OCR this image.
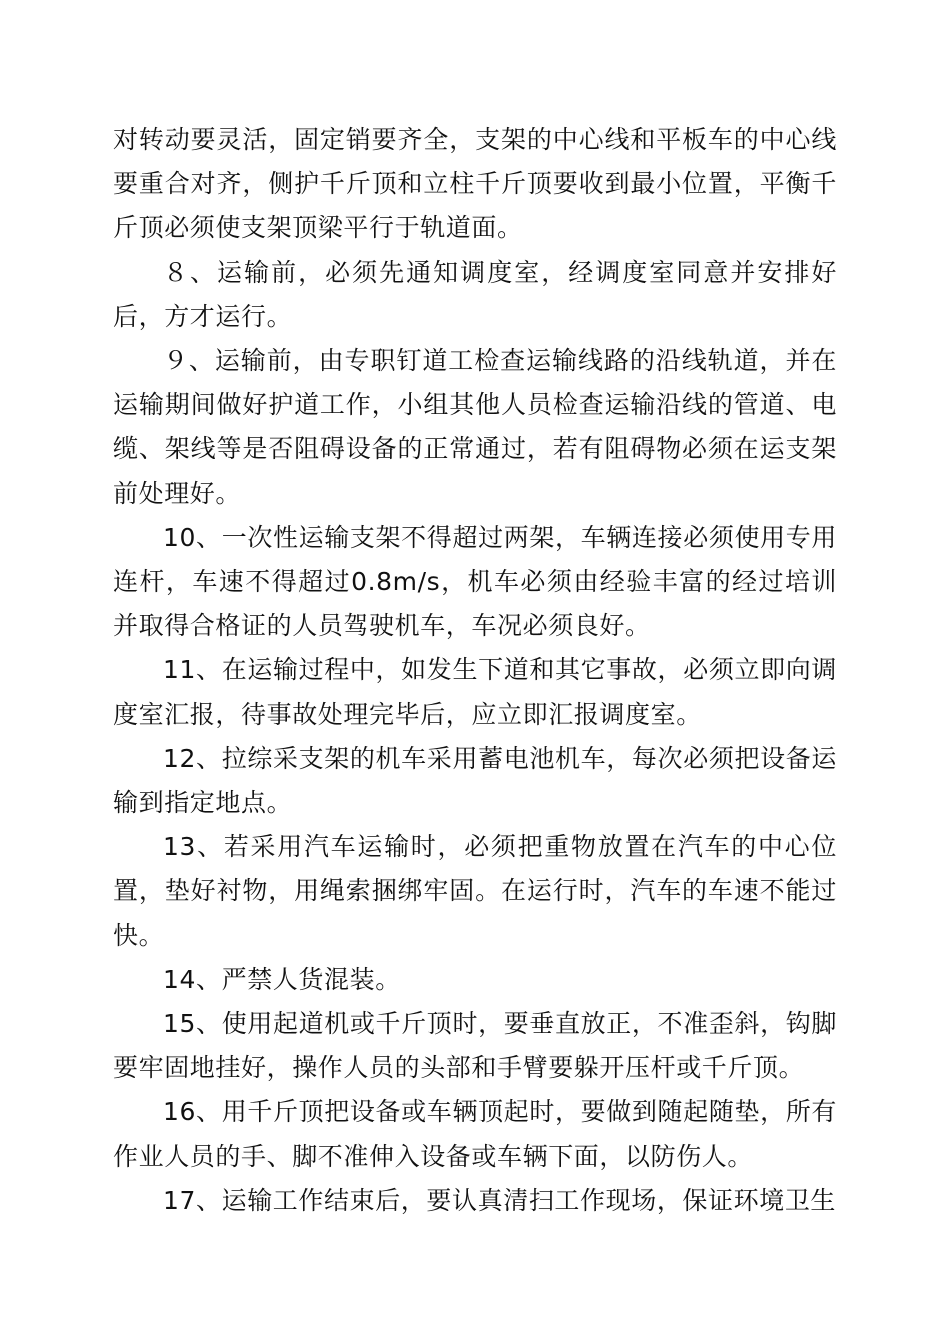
对转动要灵活，固定销要齐全，支架的中心线和平板车的中心线要重合对齐，侧护千斤顶和立柱千斤顶要收到最小位置，平衡千斤顶必须使支架顶梁平行于轨道面。

８、运输前，必须先通知调度室，经调度室同意并安排好后，方才运行。

９、运输前，由专职钉道工检查运输线路的沿线轨道，并在运输期间做好护道工作，小组其他人员检查运输沿线的管道、电缆、架线等是否阻碍设备的正常通过，若有阻碍物必须在运支架前处理好。

10、一次性运输支架不得超过两架，车辆连接必须使用专用连杆，车速不得超过0.8m/s，机车必须由经验丰富的经过培训并取得合格证的人员驾驶机车，车况必须良好。

11、在运输过程中，如发生下道和其它事故，必须立即向调度室汇报，待事故处理完毕后，应立即汇报调度室。

12、拉综采支架的机车采用蓄电池机车，每次必须把设备运输到指定地点。

13、若采用汽车运输时，必须把重物放置在汽车的中心位置，垫好衬物，用绳索捆绑牢固。在运行时，汽车的车速不能过快。

14、严禁人货混装。

15、使用起道机或千斤顶时，要垂直放正，不准歪斜，钩脚要牢固地挂好，操作人员的头部和手臂要躲开压杆或千斤顶。

16、用千斤顶把设备或车辆顶起时，要做到随起随垫，所有作业人员的手、脚不准伸入设备或车辆下面，以防伤人。

17、运输工作结束后，要认真清扫工作现场，保证环境卫生
